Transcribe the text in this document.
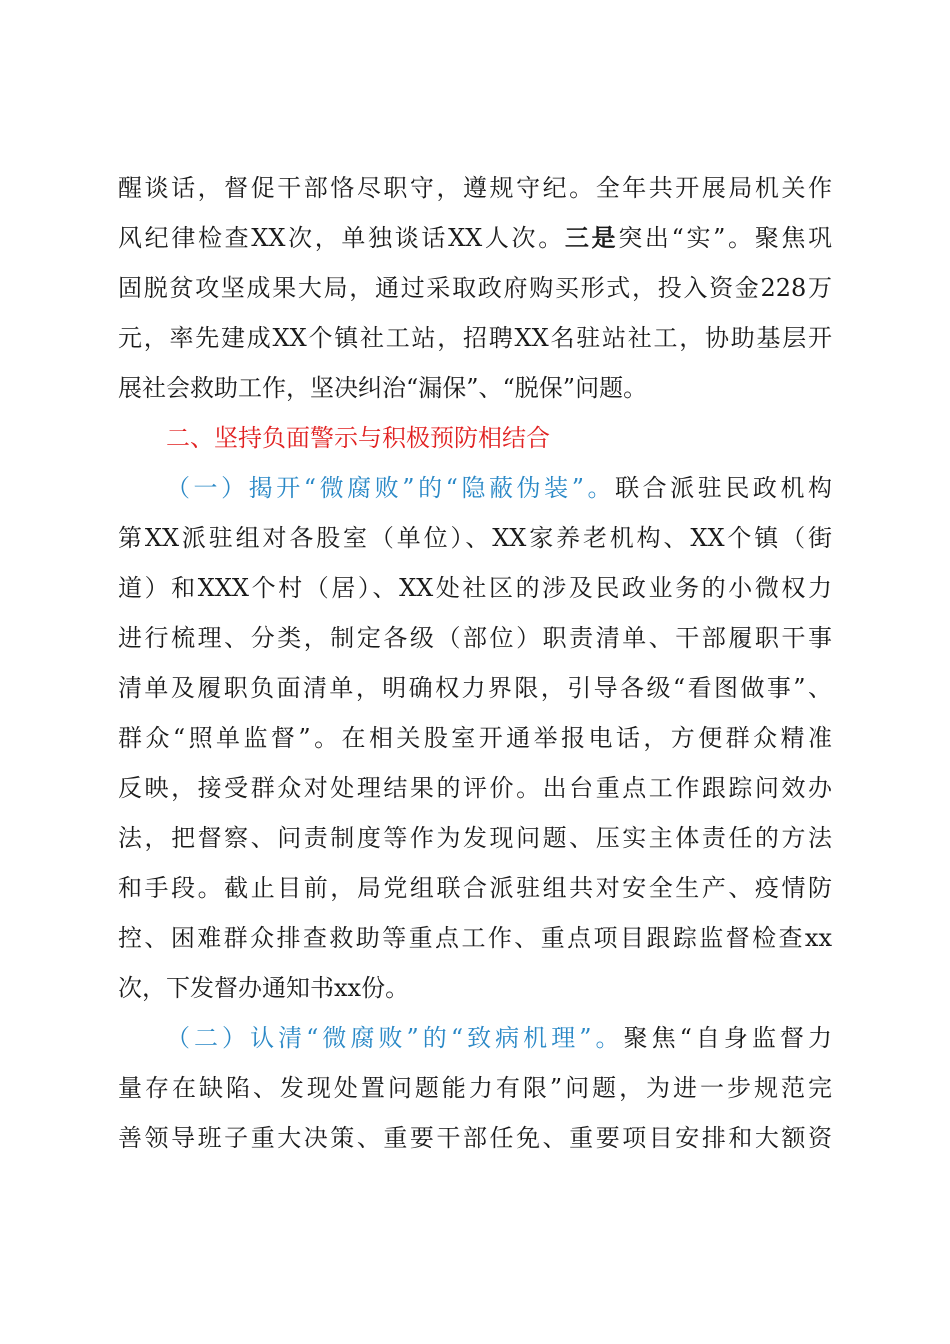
醒谈话，督促干部恪尽职守，遵规守纪。全年共开展局机关作
风纪律检查XX次，单独谈话XX人次。三是突出“实”。聚焦巩
固脱贫攻坚成果大局，通过采取政府购买形式，投入资金228万
元，率先建成XX个镇社工站，招聘XX名驻站社工，协助基层开
展社会救助工作，坚决纠治“漏保”、“脱保”问题。
二、坚持负面警示与积极预防相结合
（一）揭开“微腐败”的“隐蔽伪装”。联合派驻民政机构
第XX派驻组对各股室（单位）、XX家养老机构、XX个镇（街
道）和XXX个村（居）、XX处社区的涉及民政业务的小微权力
进行梳理、分类，制定各级（部位）职责清单、干部履职干事
清单及履职负面清单，明确权力界限，引导各级“看图做事”、
群众“照单监督”。在相关股室开通举报电话，方便群众精准
反映，接受群众对处理结果的评价。出台重点工作跟踪问效办
法，把督察、问责制度等作为发现问题、压实主体责任的方法
和手段。截止目前，局党组联合派驻组共对安全生产、疫情防
控、困难群众排查救助等重点工作、重点项目跟踪监督检查xx
次，下发督办通知书xx份。
（二）认清“微腐败”的“致病机理”。聚焦“自身监督力
量存在缺陷、发现处置问题能力有限”问题，为进一步规范完
善领导班子重大决策、重要干部任免、重要项目安排和大额资
